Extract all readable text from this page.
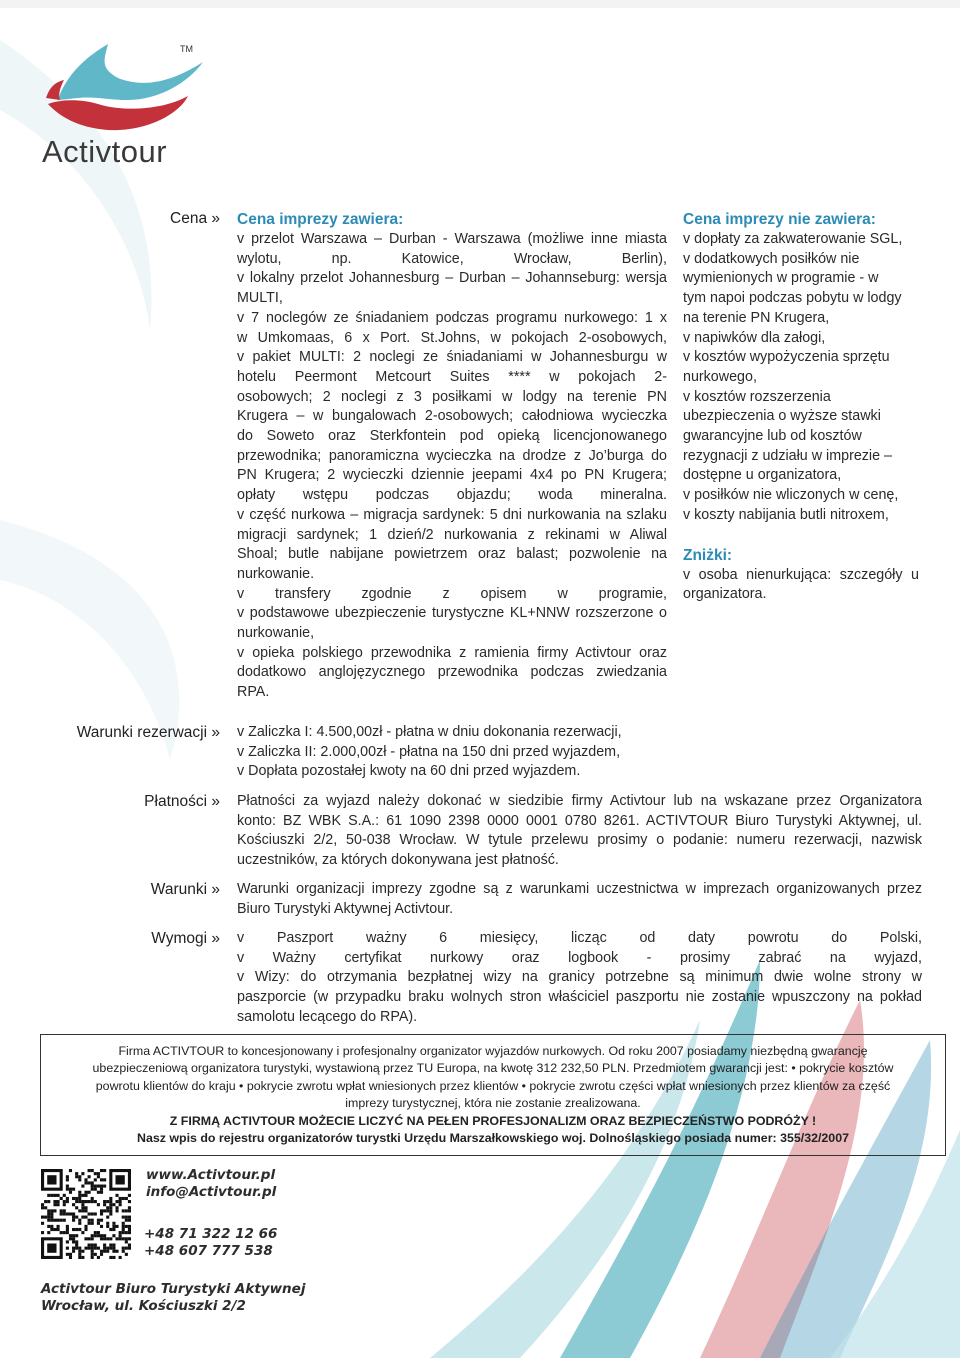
TM
Activtour
Cena » Cena imprezy zawiera:
v przelot Warszawa – Durban - Warszawa (możliwe inne miasta
wylotu, np. Katowice, Wrocław, Berlin),
v lokalny przelot Johannesburg – Durban – Johannseburg: wersja
MULTI,
v 7 noclegów ze śniadaniem podczas programu nurkowego: 1 x
w Umkomaas, 6 x Port. St.Johns, w pokojach 2-osobowych,
v pakiet MULTI: 2 noclegi ze śniadaniami w Johannesburgu w
hotelu Peermont Metcourt Suites **** w pokojach 2-
osobowych; 2 noclegi z 3 posiłkami w lodgy na terenie PN
Krugera – w bungalowach 2-osobowych; całodniowa wycieczka
do Soweto oraz Sterkfontein pod opieką licencjonowanego
przewodnika; panoramiczna wycieczka na drodze z Jo’burga do
PN Krugera; 2 wycieczki dziennie jeepami 4x4 po PN Krugera;
opłaty wstępu podczas objazdu; woda mineralna.
v część nurkowa – migracja sardynek: 5 dni nurkowania na szlaku
migracji sardynek; 1 dzień/2 nurkowania z rekinami w Aliwal
Shoal; butle nabijane powietrzem oraz balast; pozwolenie na
nurkowanie.
v transfery zgodnie z opisem w programie,
v podstawowe ubezpieczenie turystyczne KL+NNW rozszerzone o
nurkowanie,
v opieka polskiego przewodnika z ramienia firmy Activtour oraz
dodatkowo anglojęzycznego przewodnika podczas zwiedzania
RPA.
Cena imprezy nie zawiera:
v dopłaty za zakwaterowanie SGL,
v dodatkowych posiłków nie
wymienionych w programie - w
tym napoi podczas pobytu w lodgy
na terenie PN Krugera,
v napiwków dla załogi,
v kosztów wypożyczenia sprzętu
nurkowego,
v kosztów rozszerzenia
ubezpieczenia o wyższe stawki
gwarancyjne lub od kosztów
rezygnacji z udziału w imprezie –
dostępne u organizatora,
v posiłków nie wliczonych w cenę,
v koszty nabijania butli nitroxem,
Zniżki:
v osoba nienurkująca: szczegóły u
organizatora.
Warunki rezerwacji » v Zaliczka I: 4.500,00zł - płatna w dniu dokonania rezerwacji,
v Zaliczka II: 2.000,00zł - płatna na 150 dni przed wyjazdem,
v Dopłata pozostałej kwoty na 60 dni przed wyjazdem.
Płatności » Płatności za wyjazd należy dokonać w siedzibie firmy Activtour lub na wskazane przez Organizatora
konto: BZ WBK S.A.: 61 1090 2398 0000 0001 0780 8261. ACTIVTOUR Biuro Turystyki Aktywnej, ul.
Kościuszki 2/2, 50-038 Wrocław. W tytule przelewu prosimy o podanie: numeru rezerwacji, nazwisk
uczestników, za których dokonywana jest płatność.
Warunki » Warunki organizacji imprezy zgodne są z warunkami uczestnictwa w imprezach organizowanych przez
Biuro Turystyki Aktywnej Activtour.
Wymogi » v Paszport ważny 6 miesięcy, licząc od daty powrotu do Polski,
v Ważny certyfikat nurkowy oraz logbook - prosimy zabrać na wyjazd,
v Wizy: do otrzymania bezpłatnej wizy na granicy potrzebne są minimum dwie wolne strony w
paszporcie (w przypadku braku wolnych stron właściciel paszportu nie zostanie wpuszczony na pokład
samolotu lecącego do RPA).
Firma ACTIVTOUR to koncesjonowany i profesjonalny organizator wyjazdów nurkowych. Od roku 2007 posiadamy niezbędną gwarancję
ubezpieczeniową organizatora turystyki, wystawioną przez TU Europa, na kwotę 312 232,50 PLN. Przedmiotem gwarancji jest: • pokrycie kosztów
powrotu klientów do kraju • pokrycie zwrotu wpłat wniesionych przez klientów • pokrycie zwrotu części wpłat wniesionych przez klientów za część
imprezy turystycznej, która nie zostanie zrealizowana.
Z FIRMĄ ACTIVTOUR MOŻECIE LICZYĆ NA PEŁEN PROFESJONALIZM ORAZ BEZPIECZEŃSTWO PODRÓŻY !
Nasz wpis do rejestru organizatorów turystki Urzędu Marszałkowskiego woj. Dolnośląskiego posiada numer: 355/32/2007
www.Activtour.pl
info@Activtour.pl
+48 71 322 12 66
+48 607 777 538
Activtour Biuro Turystyki Aktywnej
Wrocław, ul. Kościuszki 2/2
